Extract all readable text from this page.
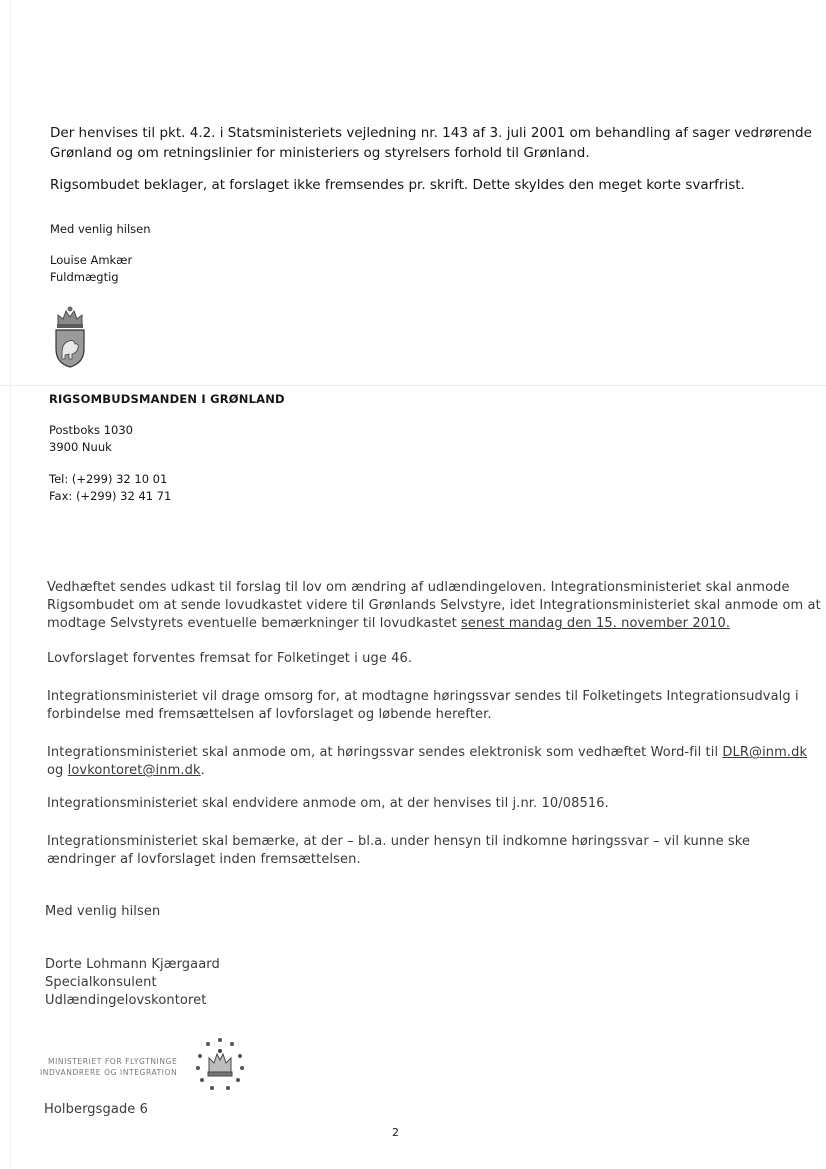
Der henvises til pkt. 4.2. i Statsministeriets vejledning nr. 143 af 3. juli 2001 om behandling af sager vedrørende
Grønland og om retningslinier for ministeriers og styrelsers forhold til Grønland.
Rigsombudet beklager, at forslaget ikke fremsendes pr. skrift. Dette skyldes den meget korte svarfrist.
Med venlig hilsen
Louise Amkær
Fuldmægtig
RIGSOMBUDSMANDEN I GRØNLAND
Postboks 1030
3900 Nuuk
Tel: (+299) 32 10 01
Fax: (+299) 32 41 71
Vedhæftet sendes udkast til forslag til lov om ændring af udlændingeloven. Integrationsministeriet skal anmode
Rigsombudet om at sende lovudkastet videre til Grønlands Selvstyre, idet Integrationsministeriet skal anmode om at
modtage Selvstyrets eventuelle bemærkninger til lovudkastet senest mandag den 15. november 2010.
Lovforslaget forventes fremsat for Folketinget i uge 46.
Integrationsministeriet vil drage omsorg for, at modtagne høringssvar sendes til Folketingets Integrationsudvalg i
forbindelse med fremsættelsen af lovforslaget og løbende herefter.
Integrationsministeriet skal anmode om, at høringssvar sendes elektronisk som vedhæftet Word-fil til DLR@inm.dk
og lovkontoret@inm.dk.
Integrationsministeriet skal endvidere anmode om, at der henvises til j.nr. 10/08516.
Integrationsministeriet skal bemærke, at der – bl.a. under hensyn til indkomne høringssvar – vil kunne ske
ændringer af lovforslaget inden fremsættelsen.
Med venlig hilsen
Dorte Lohmann Kjærgaard
Specialkonsulent
Udlændingelovskontoret
MINISTERIET FOR FLYGTNINGE
INDVANDRERE OG INTEGRATION
Holbergsgade 6
2
